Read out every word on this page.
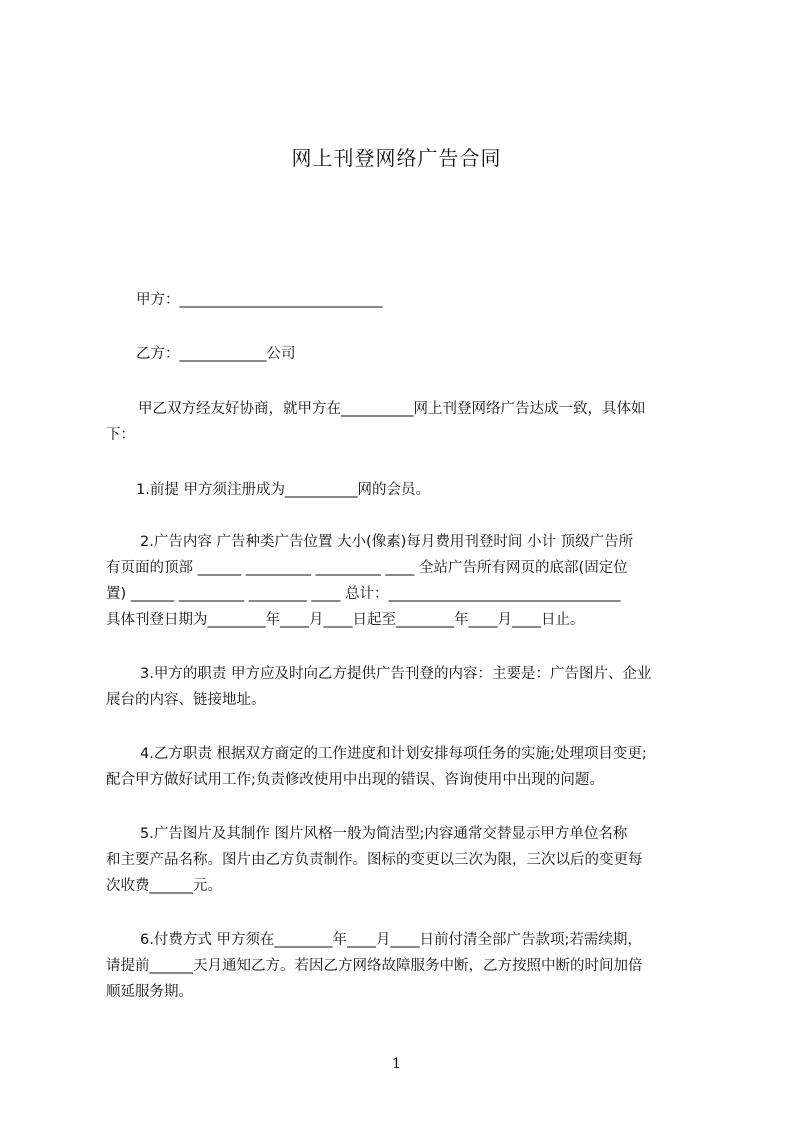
网上刊登网络广告合同

甲方：____________________________

乙方：____________公司

甲乙双方经友好协商，就甲方在__________网上刊登网络广告达成一致，具体如

下：

1.前提 甲方须注册成为__________网的会员。

2.广告内容 广告种类广告位置 大小(像素)每月费用刊登时间 小计 顶级广告所

有页面的顶部 ______ _________ _________ ____ 全站广告所有网页的底部(固定位

置) ______ _________ ________ ____ 总计：________________________________

具体刊登日期为________年____月____日起至________年____月____日止。

3.甲方的职责 甲方应及时向乙方提供广告刊登的内容：主要是：广告图片、企业

展台的内容、链接地址。

4.乙方职责 根据双方商定的工作进度和计划安排每项任务的实施;处理项目变更;

配合甲方做好试用工作;负责修改使用中出现的错误、咨询使用中出现的问题。

5.广告图片及其制作 图片风格一般为简洁型;内容通常交替显示甲方单位名称

和主要产品名称。图片由乙方负责制作。图标的变更以三次为限，三次以后的变更每

次收费______元。

6.付费方式 甲方须在________年____月____日前付清全部广告款项;若需续期，

请提前______天月通知乙方。若因乙方网络故障服务中断，乙方按照中断的时间加倍

顺延服务期。

1
